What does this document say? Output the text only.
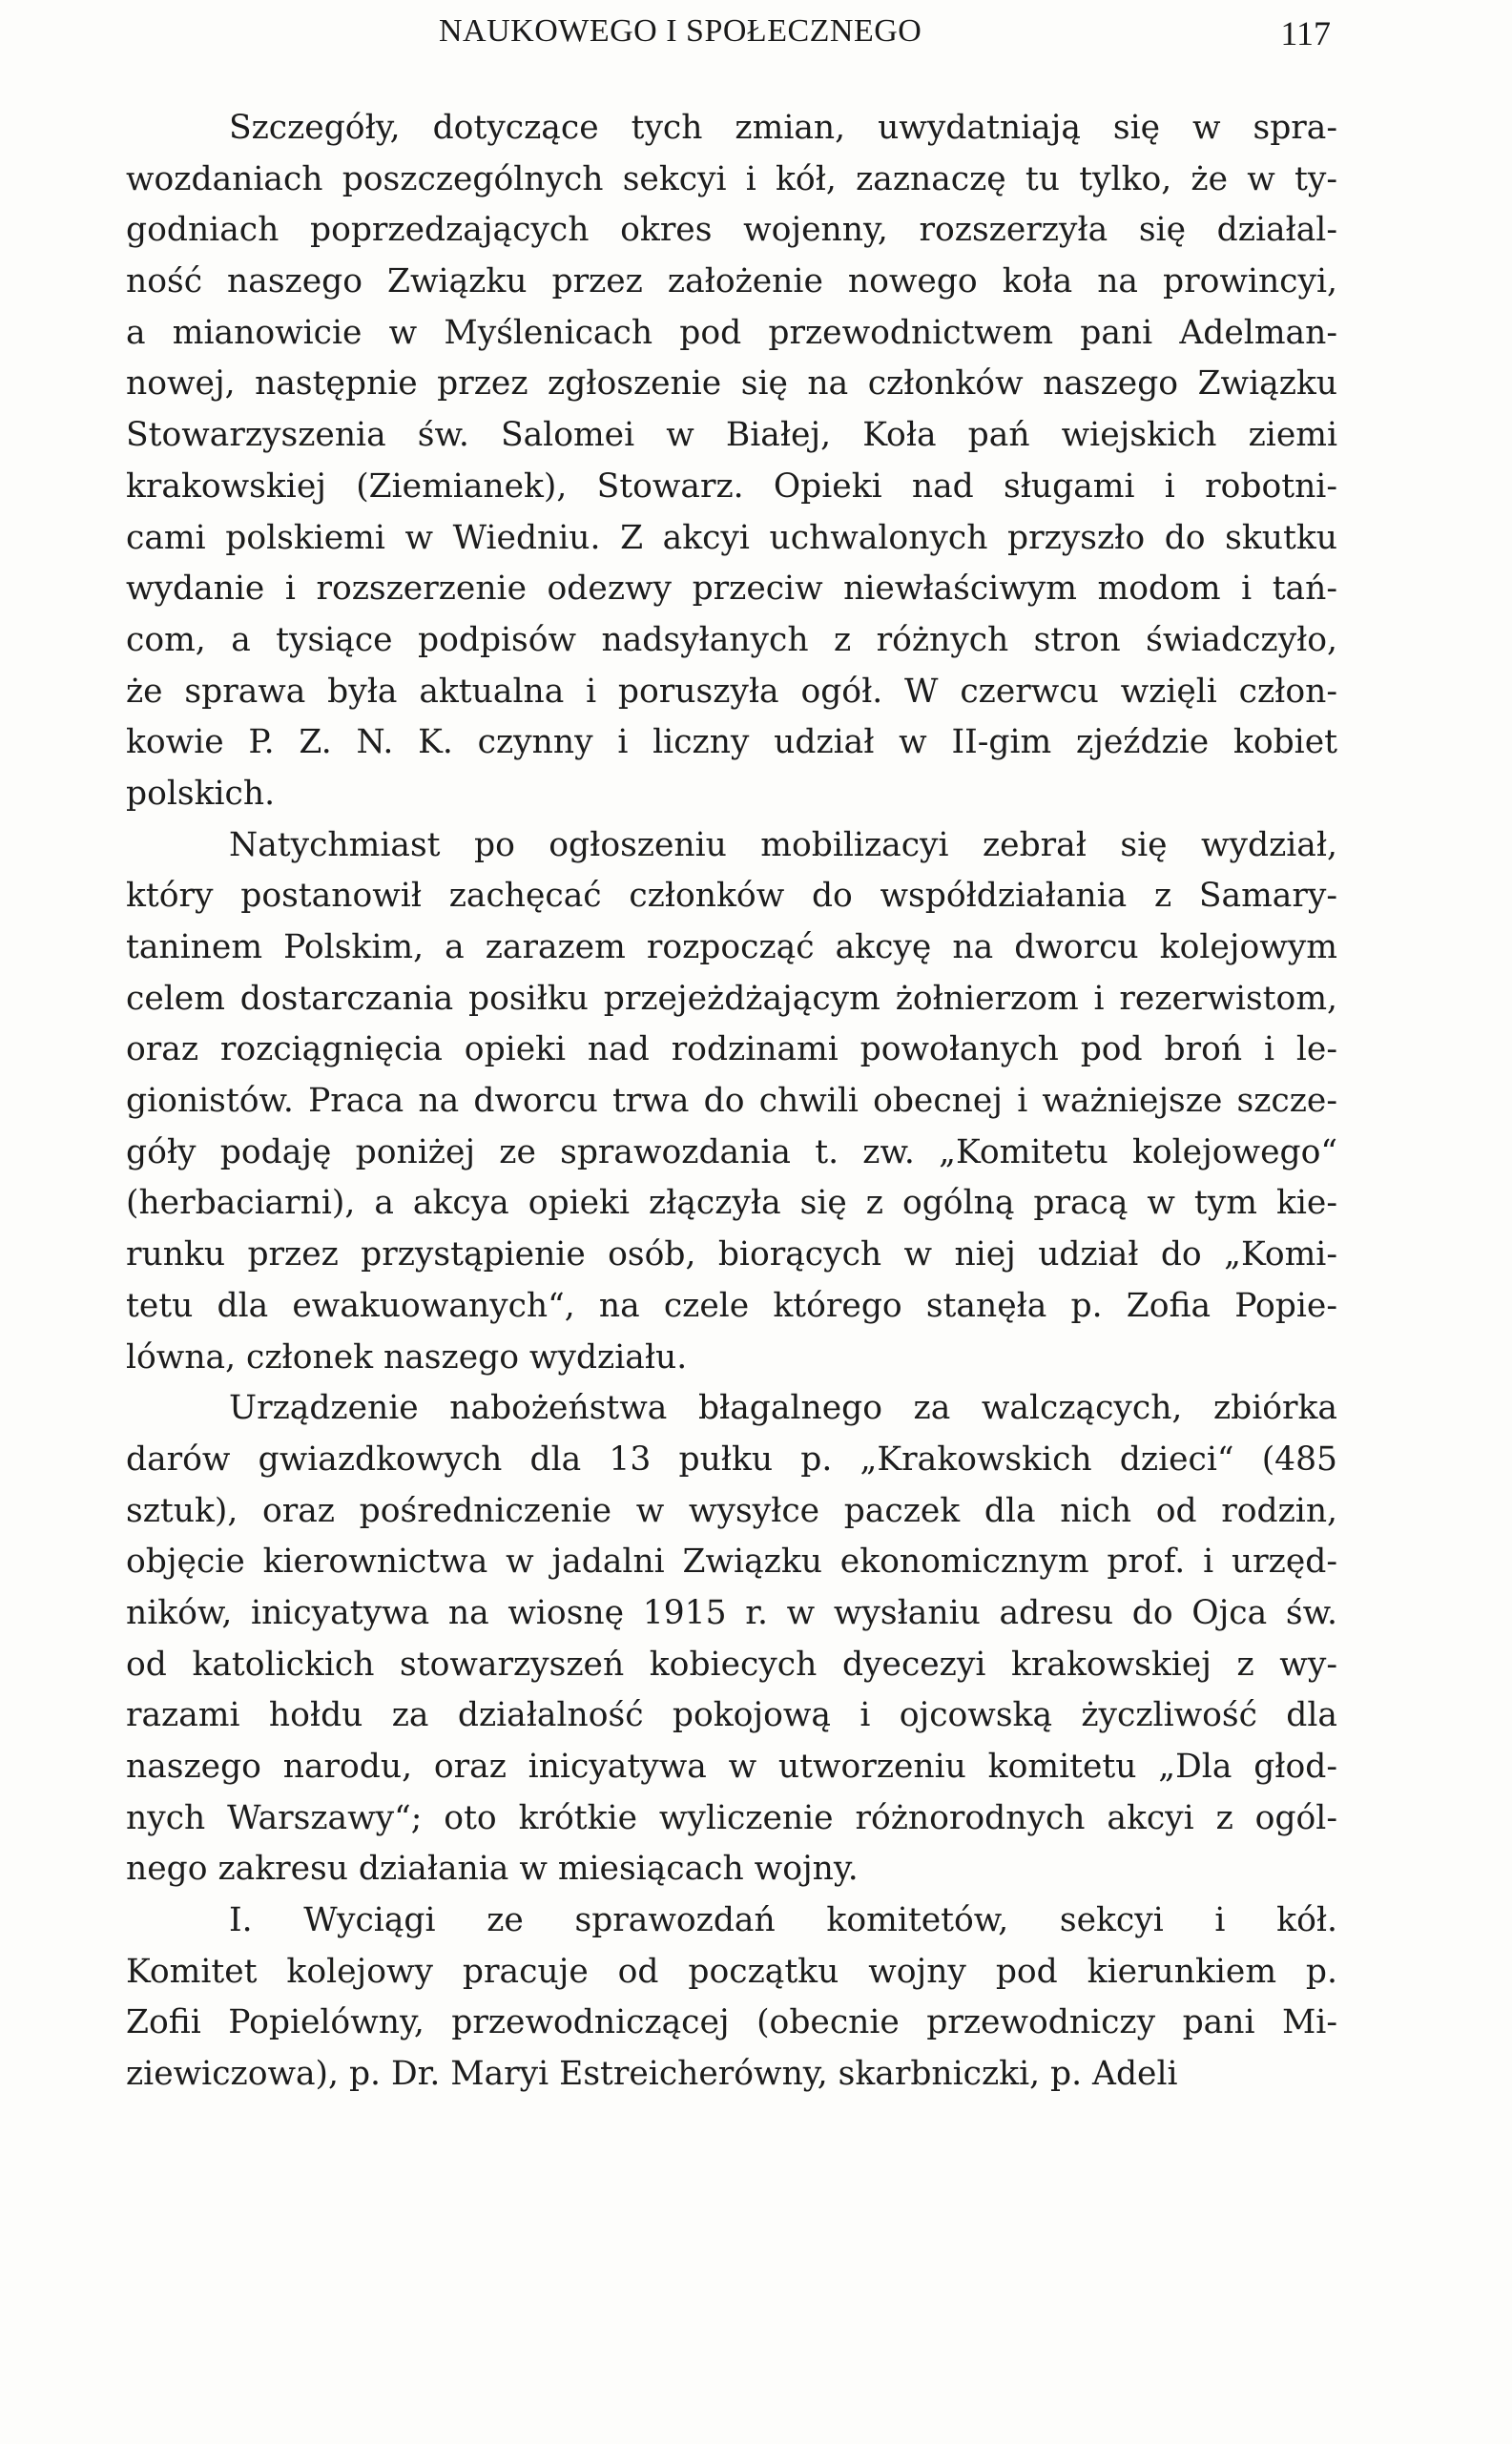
NAUKOWEGO I SPOŁECZNEGO	117
Szczegóły, dotyczące tych zmian, uwydatniają się w spra-
wozdaniach poszczególnych sekcyi i kół, zaznaczę tu tylko, że w ty-
godniach poprzedzających okres wojenny, rozszerzyła się działal-
ność naszego Związku przez założenie nowego koła na prowincyi,
a mianowicie w Myślenicach pod przewodnictwem pani Adelman-
nowej, następnie przez zgłoszenie się na członków naszego Związku
Stowarzyszenia św. Salomei w Białej, Koła pań wiejskich ziemi
krakowskiej (Ziemianek), Stowarz. Opieki nad sługami i robotni-
cami polskiemi w Wiedniu. Z akcyi uchwalonych przyszło do skutku
wydanie i rozszerzenie odezwy przeciw niewłaściwym modom i tań-
com, a tysiące podpisów nadsyłanych z różnych stron świadczyło,
że sprawa była aktualna i poruszyła ogół. W czerwcu wzięli człon-
kowie P. Z. N. K. czynny i liczny udział w II-gim zjeździe kobiet
polskich.
Natychmiast po ogłoszeniu mobilizacyi zebrał się wydział,
który postanowił zachęcać członków do współdziałania z Samary-
taninem Polskim, a zarazem rozpocząć akcyę na dworcu kolejowym
celem dostarczania posiłku przejeżdżającym żołnierzom i rezerwistom,
oraz rozciągnięcia opieki nad rodzinami powołanych pod broń i le-
gionistów. Praca na dworcu trwa do chwili obecnej i ważniejsze szcze-
góły podaję poniżej ze sprawozdania t. zw. „Komitetu kolejowego“
(herbaciarni), a akcya opieki złączyła się z ogólną pracą w tym kie-
runku przez przystąpienie osób, biorących w niej udział do „Komi-
tetu dla ewakuowanych“, na czele którego stanęła p. Zofia Popie-
lówna, członek naszego wydziału.
Urządzenie nabożeństwa błagalnego za walczących, zbiórka
darów gwiazdkowych dla 13 pułku p. „Krakowskich dzieci“ (485
sztuk), oraz pośredniczenie w wysyłce paczek dla nich od rodzin,
objęcie kierownictwa w jadalni Związku ekonomicznym prof. i urzęd-
ników, inicyatywa na wiosnę 1915 r. w wysłaniu adresu do Ojca św.
od katolickich stowarzyszeń kobiecych dyecezyi krakowskiej z wy-
razami hołdu za działalność pokojową i ojcowską życzliwość dla
naszego narodu, oraz inicyatywa w utworzeniu komitetu „Dla głod-
nych Warszawy“; oto krótkie wyliczenie różnorodnych akcyi z ogól-
nego zakresu działania w miesiącach wojny.
I. Wyciągi ze sprawozdań komitetów, sekcyi i kół.
Komitet kolejowy pracuje od początku wojny pod kierunkiem p.
Zofii Popielówny, przewodniczącej (obecnie przewodniczy pani Mi-
ziewiczowa), p. Dr. Maryi Estreicherówny, skarbniczki, p. Adeli
